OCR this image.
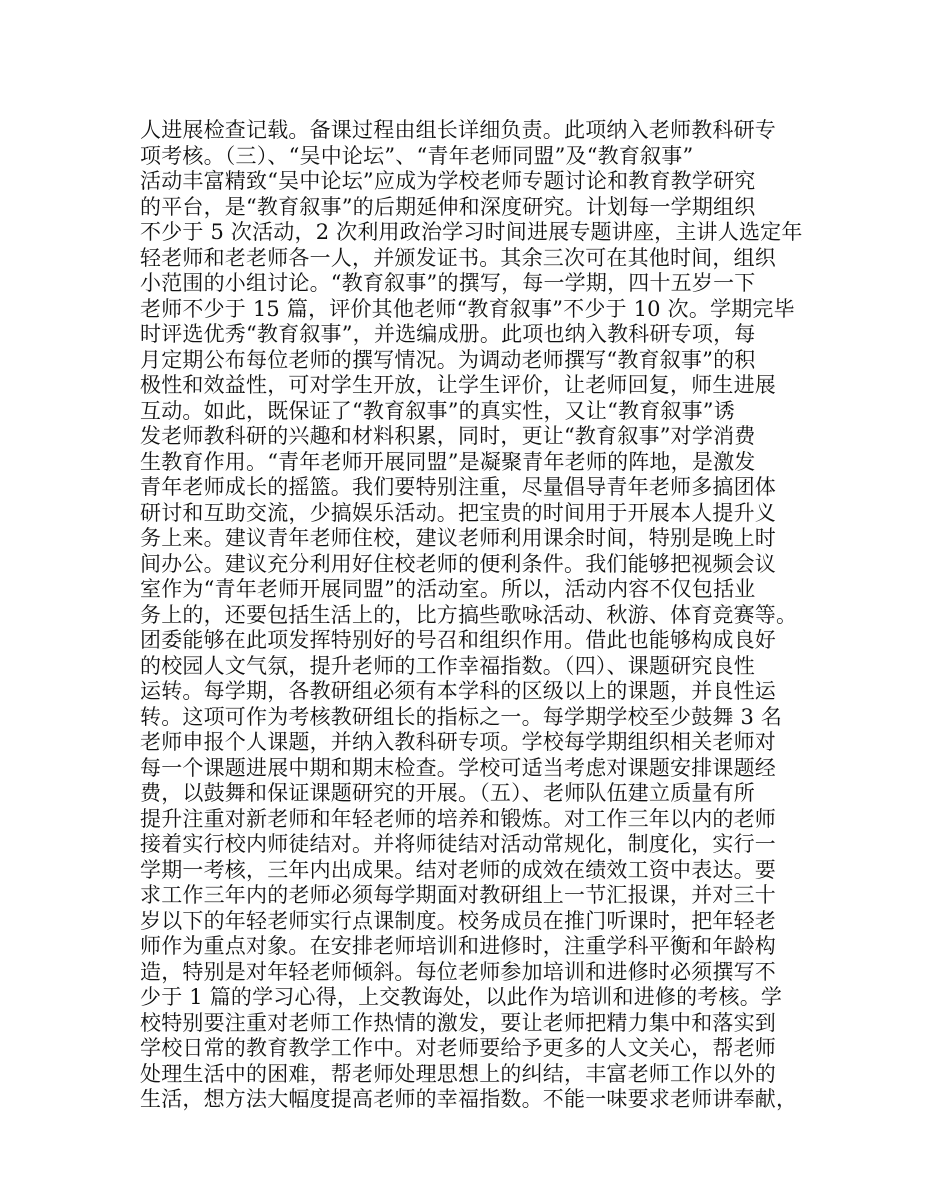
人进展检查记载。备课过程由组长详细负责。此项纳入老师教科研专
项考核。（三）、“吴中论坛”、“青年老师同盟”及“教育叙事”
活动丰富精致“吴中论坛”应成为学校老师专题讨论和教育教学研究
的平台，是“教育叙事”的后期延伸和深度研究。计划每一学期组织
不少于 5 次活动，2 次利用政治学习时间进展专题讲座，主讲人选定年
轻老师和老老师各一人，并颁发证书。其余三次可在其他时间，组织
小范围的小组讨论。“教育叙事”的撰写，每一学期，四十五岁一下
老师不少于 15 篇，评价其他老师“教育叙事”不少于 10 次。学期完毕
时评选优秀“教育叙事”，并选编成册。此项也纳入教科研专项，每
月定期公布每位老师的撰写情况。为调动老师撰写“教育叙事”的积
极性和效益性，可对学生开放，让学生评价，让老师回复，师生进展
互动。如此，既保证了“教育叙事”的真实性，又让“教育叙事”诱
发老师教科研的兴趣和材料积累，同时，更让“教育叙事”对学消费
生教育作用。“青年老师开展同盟”是凝聚青年老师的阵地，是激发
青年老师成长的摇篮。我们要特别注重，尽量倡导青年老师多搞团体
研讨和互助交流，少搞娱乐活动。把宝贵的时间用于开展本人提升义
务上来。建议青年老师住校，建议老师利用课余时间，特别是晚上时
间办公。建议充分利用好住校老师的便利条件。我们能够把视频会议
室作为“青年老师开展同盟”的活动室。所以，活动内容不仅包括业
务上的，还要包括生活上的，比方搞些歌咏活动、秋游、体育竞赛等。
团委能够在此项发挥特别好的号召和组织作用。借此也能够构成良好
的校园人文气氛，提升老师的工作幸福指数。（四）、课题研究良性
运转。每学期，各教研组必须有本学科的区级以上的课题，并良性运
转。这项可作为考核教研组长的指标之一。每学期学校至少鼓舞 3 名
老师申报个人课题，并纳入教科研专项。学校每学期组织相关老师对
每一个课题进展中期和期末检查。学校可适当考虑对课题安排课题经
费，以鼓舞和保证课题研究的开展。（五）、老师队伍建立质量有所
提升注重对新老师和年轻老师的培养和锻炼。对工作三年以内的老师
接着实行校内师徒结对。并将师徒结对活动常规化，制度化，实行一
学期一考核，三年内出成果。结对老师的成效在绩效工资中表达。要
求工作三年内的老师必须每学期面对教研组上一节汇报课，并对三十
岁以下的年轻老师实行点课制度。校务成员在推门听课时，把年轻老
师作为重点对象。在安排老师培训和进修时，注重学科平衡和年龄构
造，特别是对年轻老师倾斜。每位老师参加培训和进修时必须撰写不
少于 1 篇的学习心得，上交教诲处，以此作为培训和进修的考核。学
校特别要注重对老师工作热情的激发，要让老师把精力集中和落实到
学校日常的教育教学工作中。对老师要给予更多的人文关心，帮老师
处理生活中的困难，帮老师处理思想上的纠结，丰富老师工作以外的
生活，想方法大幅度提高老师的幸福指数。不能一味要求老师讲奉献，
